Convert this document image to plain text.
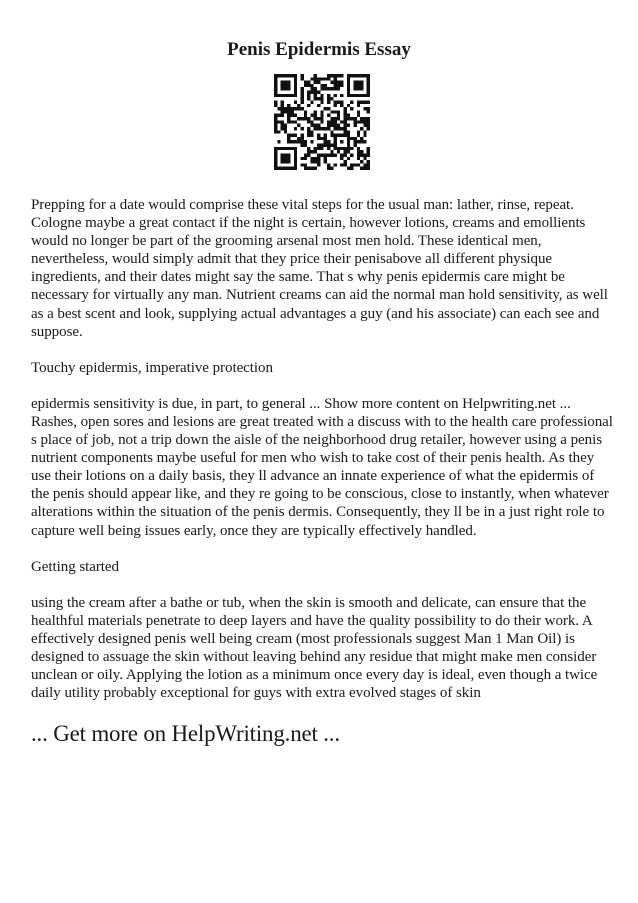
Penis Epidermis Essay

Prepping for a date would comprise these vital steps for the usual man: lather, rinse, repeat. Cologne maybe a great contact if the night is certain, however lotions, creams and emollients would no longer be part of the grooming arsenal most men hold. These identical men, nevertheless, would simply admit that they price their penisabove all different physique ingredients, and their dates might say the same. That s why penis epidermis care might be necessary for virtually any man. Nutrient creams can aid the normal man hold sensitivity, as well as a best scent and look, supplying actual advantages a guy (and his associate) can each see and suppose.

Touchy epidermis, imperative protection

epidermis sensitivity is due, in part, to general ... Show more content on Helpwriting.net ... Rashes, open sores and lesions are great treated with a discuss with to the health care professional s place of job, not a trip down the aisle of the neighborhood drug retailer, however using a penis nutrient components maybe useful for men who wish to take cost of their penis health. As they use their lotions on a daily basis, they ll advance an innate experience of what the epidermis of the penis should appear like, and they re going to be conscious, close to instantly, when whatever alterations within the situation of the penis dermis. Consequently, they ll be in a just right role to capture well being issues early, once they are typically effectively handled.

Getting started

using the cream after a bathe or tub, when the skin is smooth and delicate, can ensure that the healthful materials penetrate to deep layers and have the quality possibility to do their work. A effectively designed penis well being cream (most professionals suggest Man 1 Man Oil) is designed to assuage the skin without leaving behind any residue that might make men consider unclean or oily. Applying the lotion as a minimum once every day is ideal, even though a twice daily utility probably exceptional for guys with extra evolved stages of skin

... Get more on HelpWriting.net ...
